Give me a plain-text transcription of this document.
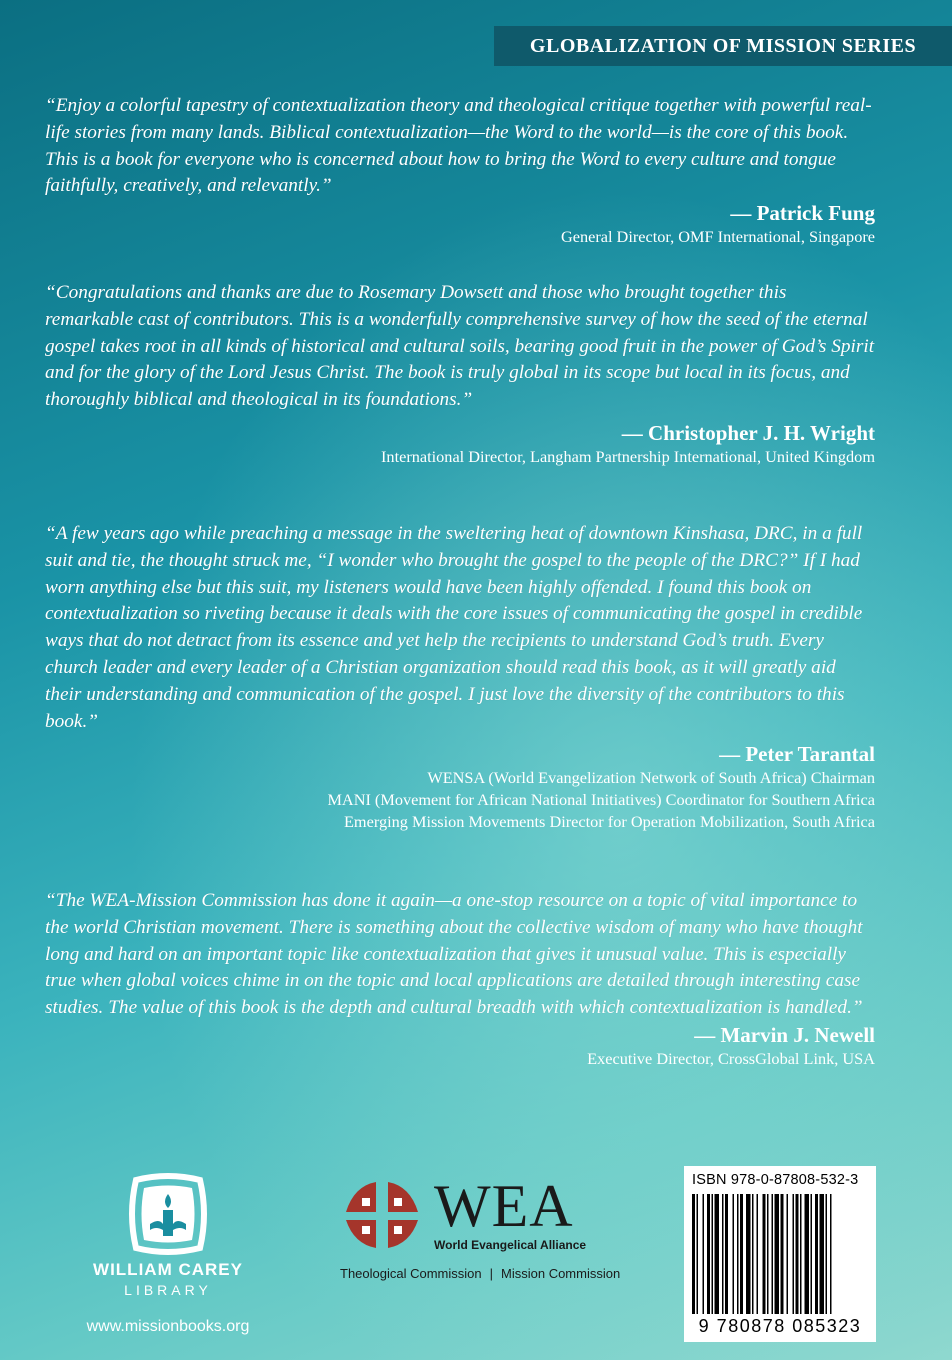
GLOBALIZATION OF MISSION SERIES

“Enjoy a colorful tapestry of contextualization theory and theological critique together with powerful real-life stories from many lands. Biblical contextualization—the Word to the world—is the core of this book. This is a book for everyone who is concerned about how to bring the Word to every culture and tongue faithfully, creatively, and relevantly.”

— Patrick Fung

General Director, OMF International, Singapore

“Congratulations and thanks are due to Rosemary Dowsett and those who brought together this remarkable cast of contributors. This is a wonderfully comprehensive survey of how the seed of the eternal gospel takes root in all kinds of historical and cultural soils, bearing good fruit in the power of God’s Spirit and for the glory of the Lord Jesus Christ. The book is truly global in its scope but local in its focus, and thoroughly biblical and theological in its foundations.”

— Christopher J. H. Wright

International Director, Langham Partnership International, United Kingdom

“A few years ago while preaching a message in the sweltering heat of downtown Kinshasa, DRC, in a full suit and tie, the thought struck me, “I wonder who brought the gospel to the people of the DRC?” If I had worn anything else but this suit, my listeners would have been highly offended. I found this book on contextualization so riveting because it deals with the core issues of communicating the gospel in credible ways that do not detract from its essence and yet help the recipients to understand God’s truth. Every church leader and every leader of a Christian organization should read this book, as it will greatly aid their understanding and communication of the gospel. I just love the diversity of the contributors to this book.”

— Peter Tarantal

WENSA (World Evangelization Network of South Africa) Chairman

MANI (Movement for African National Initiatives) Coordinator for Southern Africa

Emerging Mission Movements Director for Operation Mobilization, South Africa

“The WEA-Mission Commission has done it again—a one-stop resource on a topic of vital importance to the world Christian movement. There is something about the collective wisdom of many who have thought long and hard on an important topic like contextualization that gives it unusual value. This is especially true when global voices chime in on the topic and local applications are detailed through interesting case studies. The value of this book is the depth and cultural breadth with which contextualization is handled.”

— Marvin J. Newell

Executive Director, CrossGlobal Link, USA

WILLIAM CAREY
LIBRARY
www.missionbooks.org
WEA
World Evangelical Alliance
Theological Commission | Mission Commission
ISBN 978-0-87808-532-3
9 780878 085323
